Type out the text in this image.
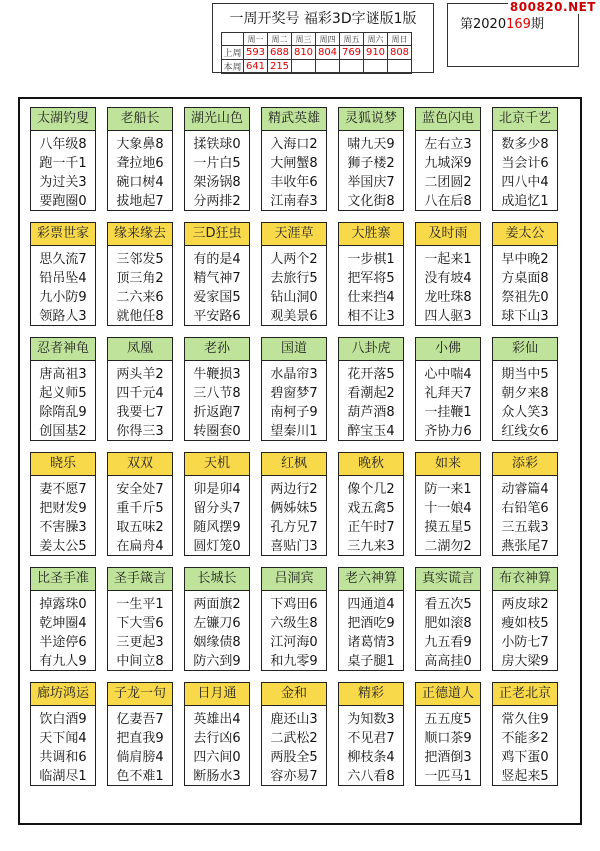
一周开奖号 福彩3D字谜版1版
	周一	周二	周三	周四	周五	周六	周日
上周	593	688	810	804	769	910	808
本周	641	215					
第2020169期
800820.NET
太湖钓叟
八年级8
跑一千1
为过关3
要跑圈0
老船长
大象鼻8
聋拉地6
碗口树4
拔地起7
湖光山色
揉铁球0
一片白5
架汤锅8
分两排2
精武英雄
入海口2
大闸蟹8
丰收年6
江南春3
灵狐说梦
啸九天9
狮子楼2
举国庆7
文化街8
蓝色闪电
左右立3
九城深9
二团圆2
八在后8
北京千艺
数多少8
当会计6
四八中4
成追忆1
彩票世家
思久流7
铅吊坠4
九小防9
领路人3
缘来缘去
三邻发5
顶三角2
二六来6
就他任8
三D狂虫
有的是4
精气神7
爱家国5
平安路6
天涯草
人两个2
去旅行5
钻山洞0
观美景6
大胜寨
一步棋1
把军将5
仕来挡4
相不让3
及时雨
一起来1
没有坡4
龙吐珠8
四人驱3
姜太公
早中晚2
方桌面8
祭祖先0
球下山3
忍者神龟
唐高祖3
起义师5
除隋乱9
创国基2
凤凰
两头羊2
四千元4
我要七7
你得三3
老孙
牛鞭损3
三八节8
折返跑7
转圈套0
国道
水晶帘3
碧窗梦7
南柯子9
望秦川1
八卦虎
花开落5
看潮起2
葫芦酒8
醉宝玉4
小佛
心中喘4
礼拜天7
一挂鞭1
齐协力6
彩仙
期当中5
朝夕来8
众人笑3
红线女6
晓乐
妻不愿7
把财发9
不害臊3
姜太公5
双双
安全处7
重千斤5
取五味2
在扁舟4
天机
卯是卯4
留分头7
随风摆9
圆灯笼0
红枫
两边行2
俩姊妹5
孔方兄7
喜贴门3
晚秋
像个几2
戏五禽5
正午时7
三九来3
如来
防一来1
十一娘4
摸五星5
二湖勿2
添彩
动睿篇4
右铅笔6
三五载3
燕张尾7
比圣手准
掉露珠0
乾坤圈4
半途停6
有九人9
圣手箴言
一生平1
下大雪6
三更起3
中间立8
长城长
两面旗2
左镰刀6
姻缘债8
防六到9
吕洞宾
下鸡田6
六级生8
江河海0
和九零9
老六神算
四通道4
把酒吃9
诸葛情3
桌子腿1
真实谎言
看五次5
肥如滚8
九五看9
高高挂0
布衣神算
两皮球2
瘦如枝5
小防七7
房大梁9
廊坊鸿运
饮白酒9
天下闻4
共调和6
临湖尽1
子龙一句
亿妻吾7
把直我9
倘肩膀4
色不难1
日月通
英雄出4
去行凶6
四六间0
断肠水3
金和
鹿还山3
二武松2
两股全5
容亦易7
精彩
为知数3
不见君7
柳枝条4
六八看8
正德道人
五五度5
顺口茶9
把酒倒3
一匹马1
正老北京
常久住9
不能多2
鸡下蛋0
竖起来5
